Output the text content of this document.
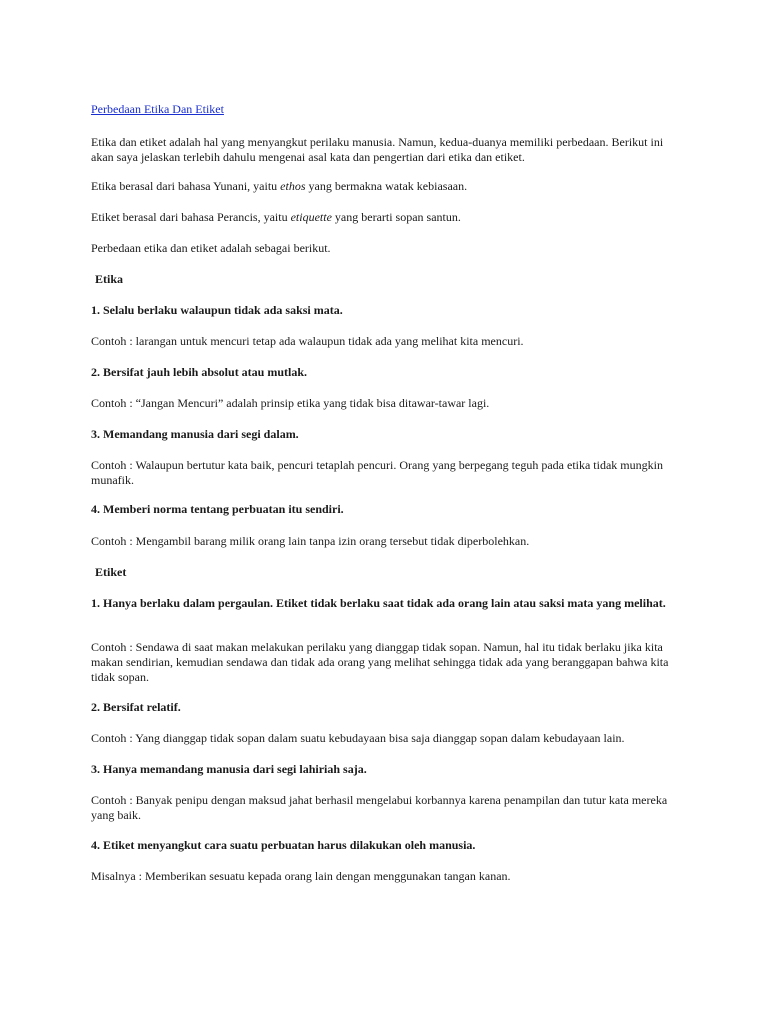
Perbedaan Etika Dan Etiket

Etika dan etiket adalah hal yang menyangkut perilaku manusia. Namun, kedua-duanya memiliki perbedaan. Berikut ini akan saya jelaskan terlebih dahulu mengenai asal kata dan pengertian dari etika dan etiket.

Etika berasal dari bahasa Yunani, yaitu ethos yang bermakna watak kebiasaan.

Etiket berasal dari bahasa Perancis, yaitu etiquette yang berarti sopan santun.

Perbedaan etika dan etiket adalah sebagai berikut.

Etika

1. Selalu berlaku walaupun tidak ada saksi mata.

Contoh : larangan untuk mencuri tetap ada walaupun tidak ada yang melihat kita mencuri.

2. Bersifat jauh lebih absolut atau mutlak.

Contoh : “Jangan Mencuri” adalah prinsip etika yang tidak bisa ditawar-tawar lagi.

3. Memandang manusia dari segi dalam.

Contoh : Walaupun bertutur kata baik, pencuri tetaplah pencuri. Orang yang berpegang teguh pada etika tidak mungkin munafik.

4. Memberi norma tentang perbuatan itu sendiri.

Contoh : Mengambil barang milik orang lain tanpa izin orang tersebut tidak diperbolehkan.

Etiket

1. Hanya berlaku dalam pergaulan. Etiket tidak berlaku saat tidak ada orang lain atau saksi mata yang melihat.

Contoh : Sendawa di saat makan melakukan perilaku yang dianggap tidak sopan. Namun, hal itu tidak berlaku jika kita makan sendirian, kemudian sendawa dan tidak ada orang yang melihat sehingga tidak ada yang beranggapan bahwa kita tidak sopan.

2. Bersifat relatif.

Contoh : Yang dianggap tidak sopan dalam suatu kebudayaan bisa saja dianggap sopan dalam kebudayaan lain.

3. Hanya memandang manusia dari segi lahiriah saja.

Contoh : Banyak penipu dengan maksud jahat berhasil mengelabui korbannya karena penampilan dan tutur kata mereka yang baik.

4. Etiket menyangkut cara suatu perbuatan harus dilakukan oleh manusia.

Misalnya : Memberikan sesuatu kepada orang lain dengan menggunakan tangan kanan.
